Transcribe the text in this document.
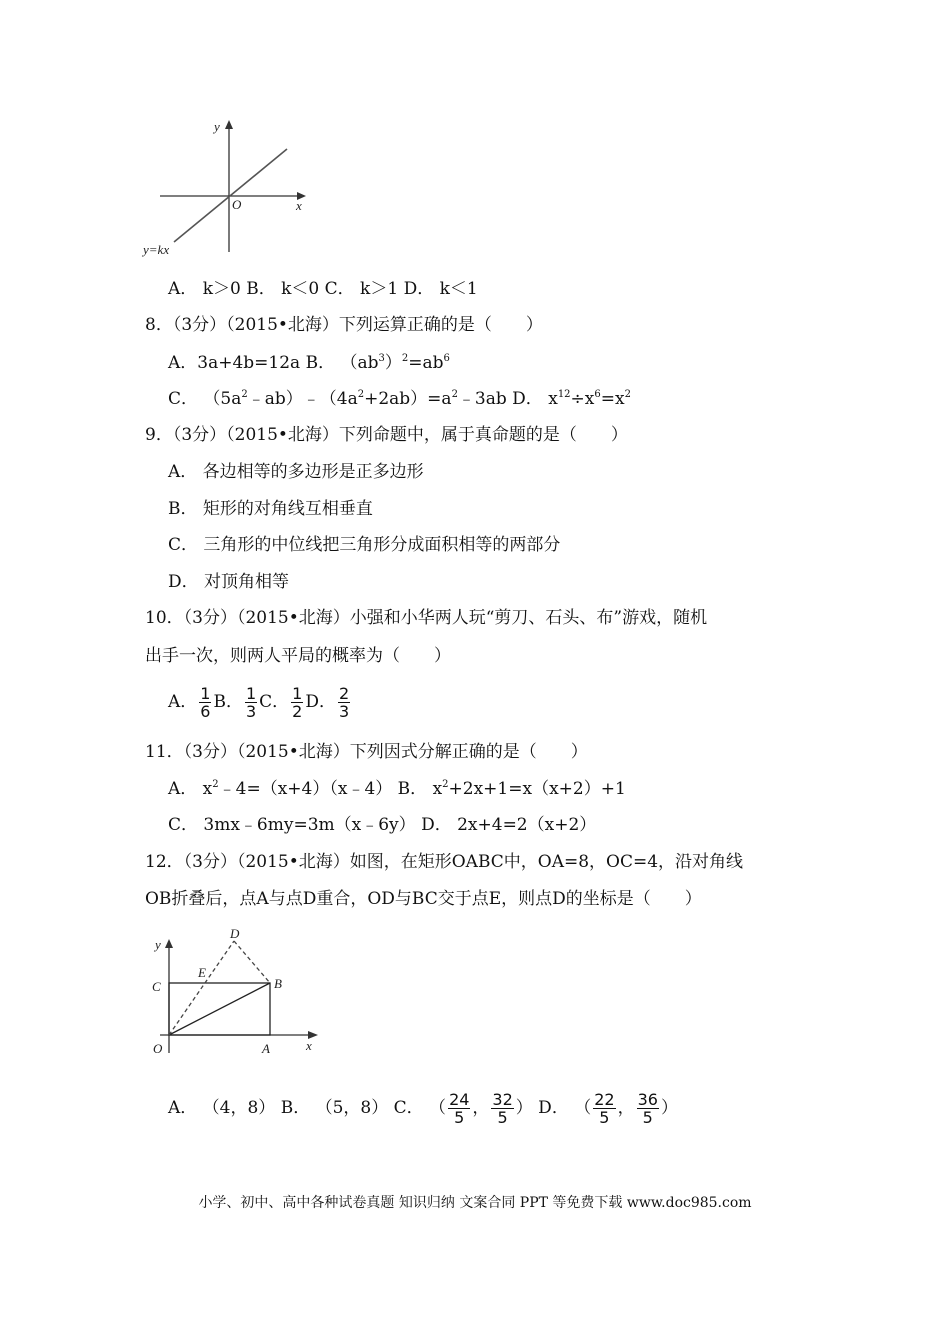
y
x
O
y=kx
A． k＞0 B． k＜0 C． k＞1 D． k＜1
8．（3分）（2015•北海）下列运算正确的是（　　）
A．3a+4b=12a B． $(ab^3)^2=ab^6$
C． $(5a^2﹣ab)﹣(4a^2+2ab)=a^2﹣3ab$ D． $x^{12}\div x^6=x^2$
9．（3分）（2015•北海）下列命题中，属于真命题的是（　　）
A． 各边相等的多边形是正多边形
B． 矩形的对角线互相垂直
C． 三角形的中位线把三角形分成面积相等的两部分
D． 对顶角相等
10．（3分）（2015•北海）小强和小华两人玩“剪刀、石头、布”游戏，随机
出手一次，则两人平局的概率为（　　）
A． $\frac{1}{6}$ B． $\frac{1}{3}$ C． $\frac{1}{2}$ D． $\frac{2}{3}$
11．（3分）（2015•北海）下列因式分解正确的是（　　）
A． $x^2﹣4=(x+4)(x﹣4)$ B． $x^2+2x+1=x(x+2)+1$
C． 3mx﹣6my=3m（x﹣6y） D． 2x+4=2（x+2）
12．（3分）（2015•北海）如图，在矩形OABC中，OA=8，OC=4，沿对角线
OB折叠后，点A与点D重合，OD与BC交于点E，则点D的坐标是（　　）
y
x
O	A
B
C
D
E
A． （4，8） B． （5，8） C． （ $\frac{24}{5}$ ， $\frac{32}{5}$ ） D． （ $\frac{22}{5}$ ， $\frac{36}{5}$ ）
小学、初中、高中各种试卷真题 知识归纳 文案合同 PPT 等免费下载 www.doc985.com
